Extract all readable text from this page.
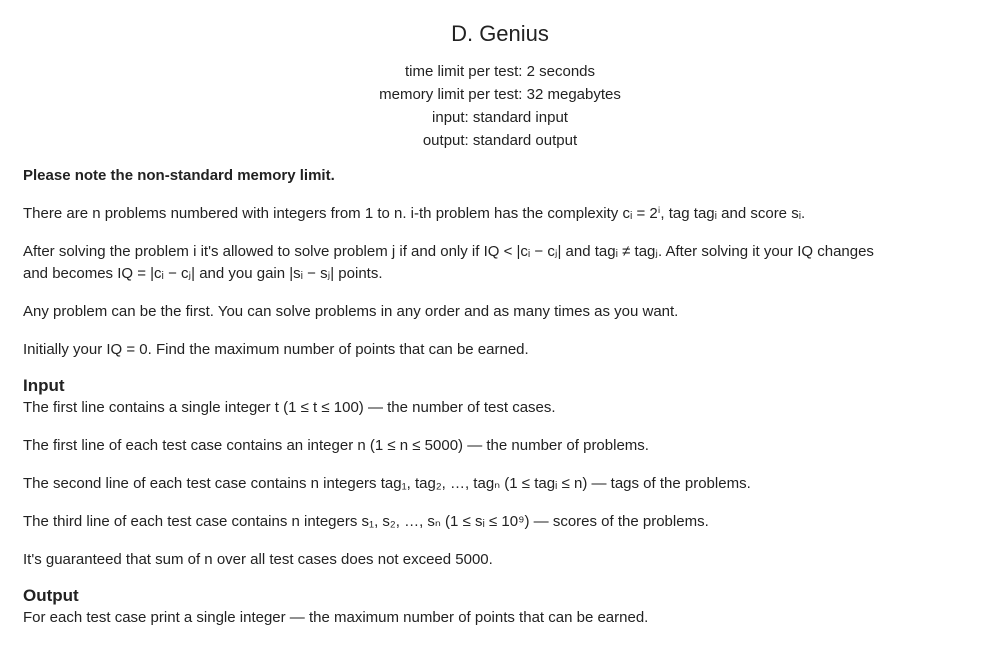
D. Genius
time limit per test: 2 seconds
memory limit per test: 32 megabytes
input: standard input
output: standard output
Please note the non-standard memory limit.

There are n problems numbered with integers from 1 to n. i-th problem has the complexity cᵢ = 2ⁱ, tag tagᵢ and score sᵢ.

After solving the problem i it's allowed to solve problem j if and only if IQ < |cᵢ − cⱼ| and tagᵢ ≠ tagⱼ. After solving it your IQ changes

and becomes IQ = |cᵢ − cⱼ| and you gain |sᵢ − sⱼ| points.

Any problem can be the first. You can solve problems in any order and as many times as you want.

Initially your IQ = 0. Find the maximum number of points that can be earned.

Input

The first line contains a single integer t (1 ≤ t ≤ 100) — the number of test cases.

The first line of each test case contains an integer n (1 ≤ n ≤ 5000) — the number of problems.

The second line of each test case contains n integers tag₁, tag₂, …, tagₙ (1 ≤ tagᵢ ≤ n) — tags of the problems.

The third line of each test case contains n integers s₁, s₂, …, sₙ (1 ≤ sᵢ ≤ 10⁹) — scores of the problems.

It's guaranteed that sum of n over all test cases does not exceed 5000.

Output

For each test case print a single integer — the maximum number of points that can be earned.
